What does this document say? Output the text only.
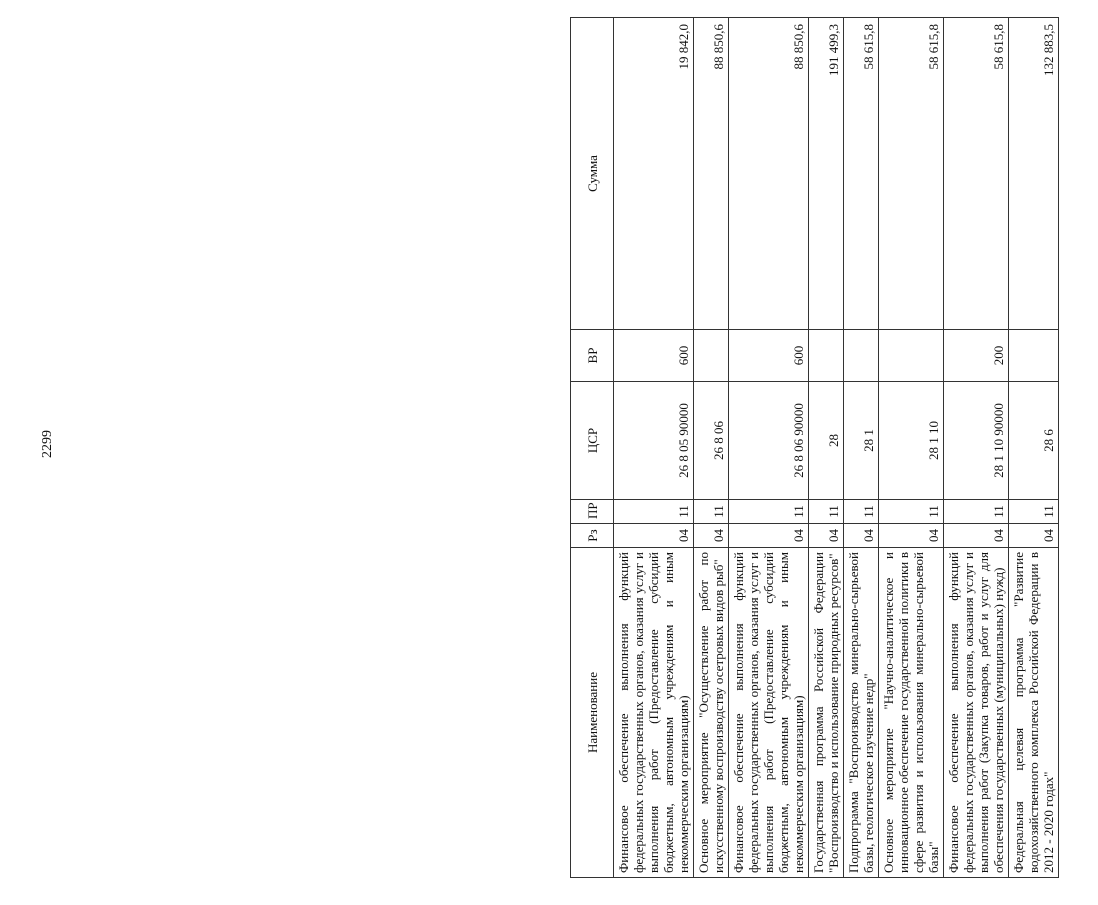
2299
Наименование	Рз	ПР	ЦСР	ВР	Сумма
Финансовое обеспечение выполнения функций федеральных государственных органов, оказания услуг и выполнения работ (Предоставление субсидий бюджетным, автономным учреждениям и иным некоммерческим организациям)	04	11	26 8 05 90000	600	19 842,0
Основное мероприятие "Осуществление работ по искусственному воспроизводству осетровых видов рыб"	04	11	26 8 06		88 850,6
Финансовое обеспечение выполнения функций федеральных государственных органов, оказания услуг и выполнения работ (Предоставление субсидий бюджетным, автономным учреждениям и иным некоммерческим организациям)	04	11	26 8 06 90000	600	88 850,6
Государственная программа Российской Федерации "Воспроизводство и использование природных ресурсов"	04	11	28		191 499,3
Подпрограмма "Воспроизводство минерально-сырьевой базы, геологическое изучение недр"	04	11	28 1		58 615,8
Основное мероприятие "Научно-аналитическое и инновационное обеспечение государственной политики в сфере развития и использования минерально-сырьевой базы"	04	11	28 1 10		58 615,8
Финансовое обеспечение выполнения функций федеральных государственных органов, оказания услуг и выполнения работ (Закупка товаров, работ и услуг для обеспечения государственных (муниципальных) нужд)	04	11	28 1 10 90000	200	58 615,8
Федеральная целевая программа "Развитие водохозяйственного комплекса Российской Федерации в 2012 - 2020 годах"	04	11	28 6		132 883,5
